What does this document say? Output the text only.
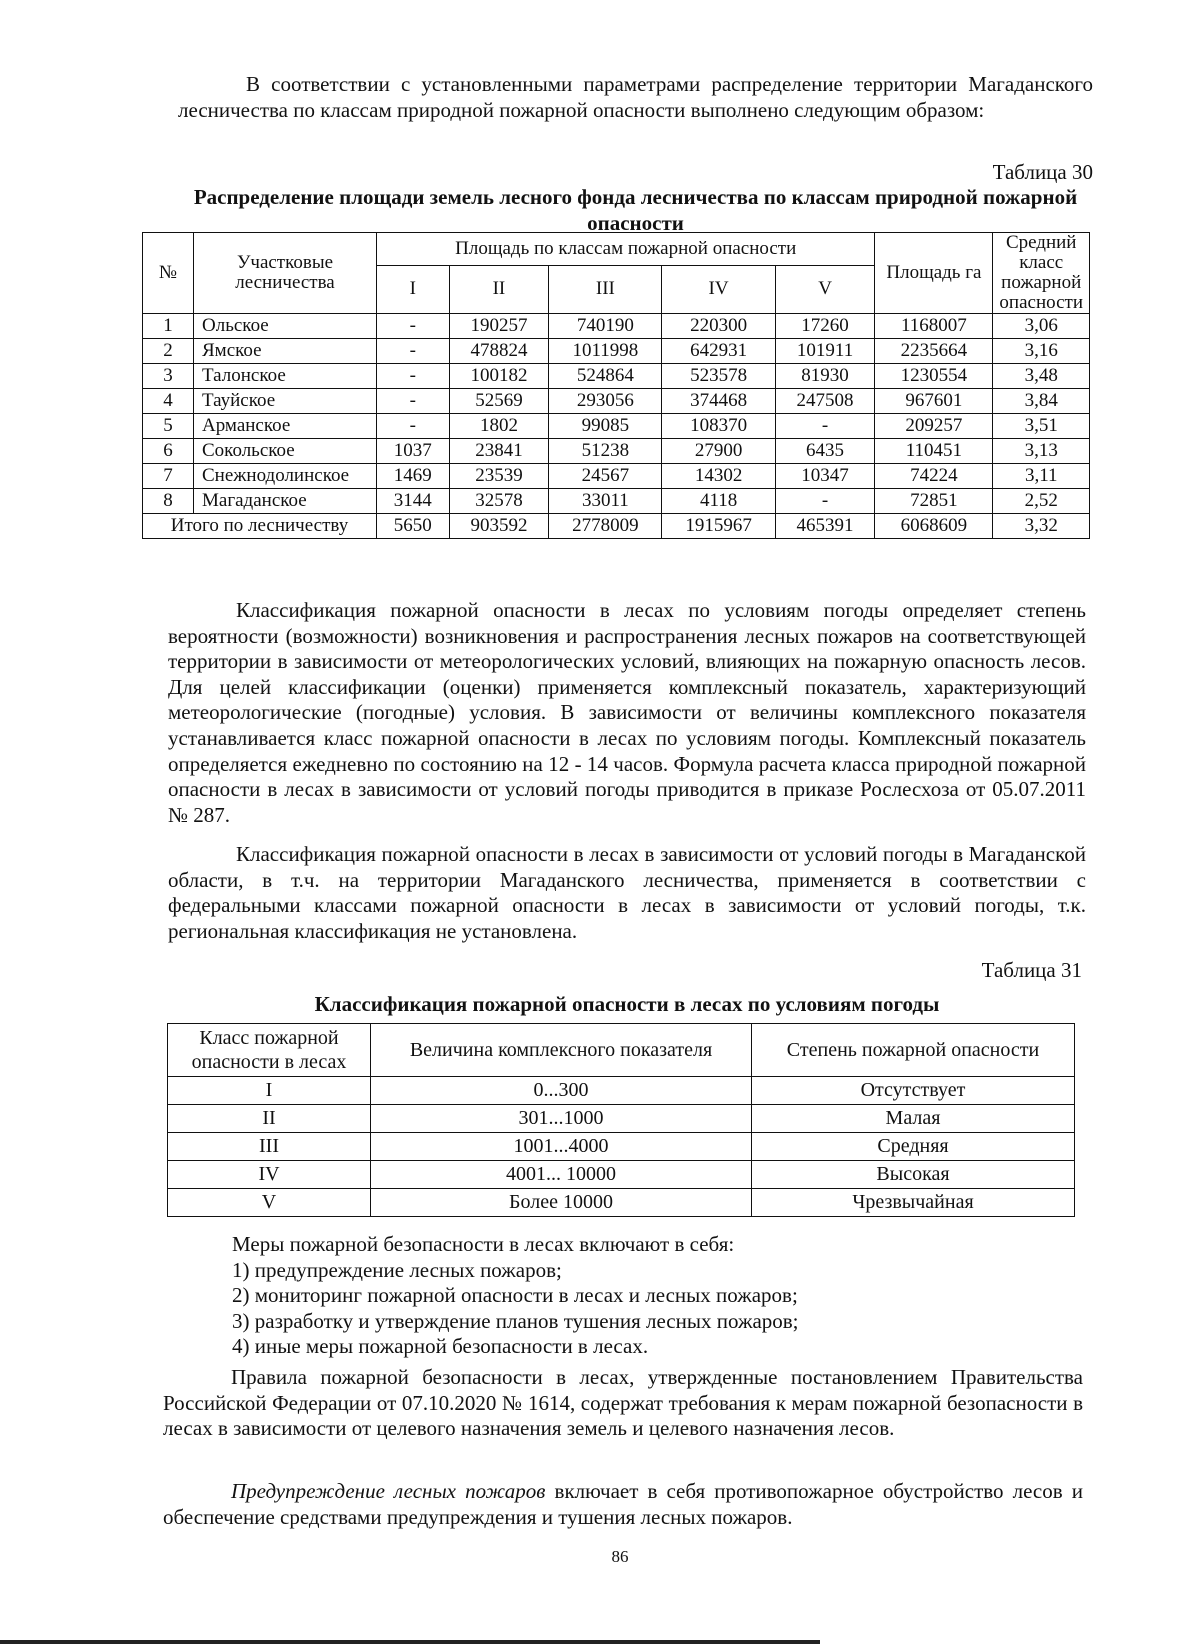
В соответствии с установленными параметрами распределение территории Магаданского лесничества по классам природной пожарной опасности выполнено следующим образом:

Таблица 30
Распределение площади земель лесного фонда лесничества по классам природной пожарной опасности
№	Участковые лесничества	Площадь по классам пожарной опасности					Площадь га	Средний класс пожарной опасности
		I	II	III	IV	V		
1	Ольское	-	190257	740190	220300	17260	1168007	3,06
2	Ямское	-	478824	1011998	642931	101911	2235664	3,16
3	Талонское	-	100182	524864	523578	81930	1230554	3,48
4	Тауйское	-	52569	293056	374468	247508	967601	3,84
5	Арманское	-	1802	99085	108370	-	209257	3,51
6	Сокольское	1037	23841	51238	27900	6435	110451	3,13
7	Снежнодолинское	1469	23539	24567	14302	10347	74224	3,11
8	Магаданское	3144	32578	33011	4118	-	72851	2,52
Итого по лесничеству		5650	903592	2778009	1915967	465391	6068609	3,32

Классификация пожарной опасности в лесах по условиям погоды определяет степень вероятности (возможности) возникновения и распространения лесных пожаров на соответствующей территории в зависимости от метеорологических условий, влияющих на пожарную опасность лесов. Для целей классификации (оценки) применяется комплексный показатель, характеризующий метеорологические (погодные) условия. В зависимости от величины комплексного показателя устанавливается класс пожарной опасности в лесах по условиям погоды. Комплексный показатель определяется ежедневно по состоянию на 12 - 14 часов. Формула расчета класса природной пожарной опасности в лесах в зависимости от условий погоды приводится в приказе Рослесхоза от 05.07.2011 № 287.

Классификация пожарной опасности в лесах в зависимости от условий погоды в Магаданской области, в т.ч. на территории Магаданского лесничества, применяется в соответствии с федеральными классами пожарной опасности в лесах в зависимости от условий погоды, т.к. региональная классификация не установлена.

Таблица 31
Классификация пожарной опасности в лесах по условиям погоды
Класс пожарной опасности в лесах	Величина комплексного показателя	Степень пожарной опасности
I	0...300	Отсутствует
II	301...1000	Малая
III	1001...4000	Средняя
IV	4001... 10000	Высокая
V	Более 10000	Чрезвычайная

Меры пожарной безопасности в лесах включают в себя:

1) предупреждение лесных пожаров;

2) мониторинг пожарной опасности в лесах и лесных пожаров;

3) разработку и утверждение планов тушения лесных пожаров;

4) иные меры пожарной безопасности в лесах.

Правила пожарной безопасности в лесах, утвержденные постановлением Правительства Российской Федерации от 07.10.2020 № 1614, содержат требования к мерам пожарной безопасности в лесах в зависимости от целевого назначения земель и целевого назначения лесов.

Предупреждение лесных пожаров включает в себя противопожарное обустройство лесов и обеспечение средствами предупреждения и тушения лесных пожаров.

86
